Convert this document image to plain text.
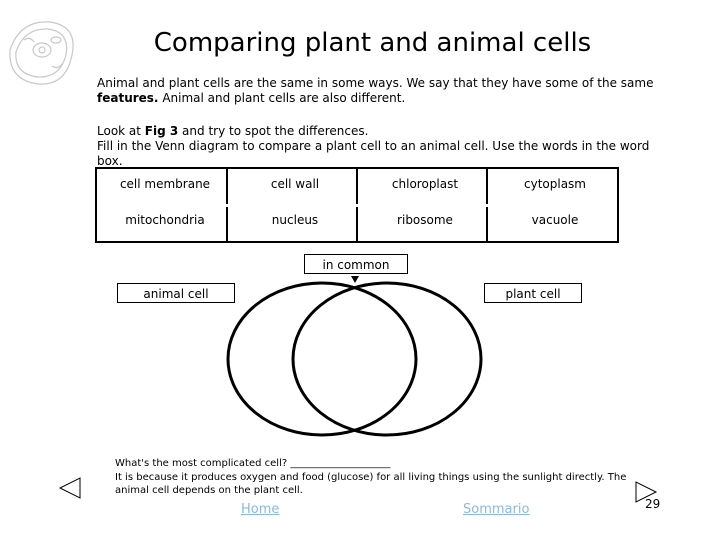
Comparing plant and animal cells
Animal and plant cells are the same in some ways. We say that they have some of the same features. Animal and plant cells are also different.
Look at Fig 3 and try to spot the differences.
Fill in the Venn diagram to compare a plant cell to an animal cell. Use the words in the word box.
cell membrane	cell wall	chloroplast	cytoplasm
mitochondria	nucleus	ribosome	vacuole
in common
animal cell	plant cell
What's the most complicated cell? ____________________
It is because it produces oxygen and food (glucose) for all living things using the sunlight directly. The animal cell depends on the plant cell.
Home	Sommario	29
